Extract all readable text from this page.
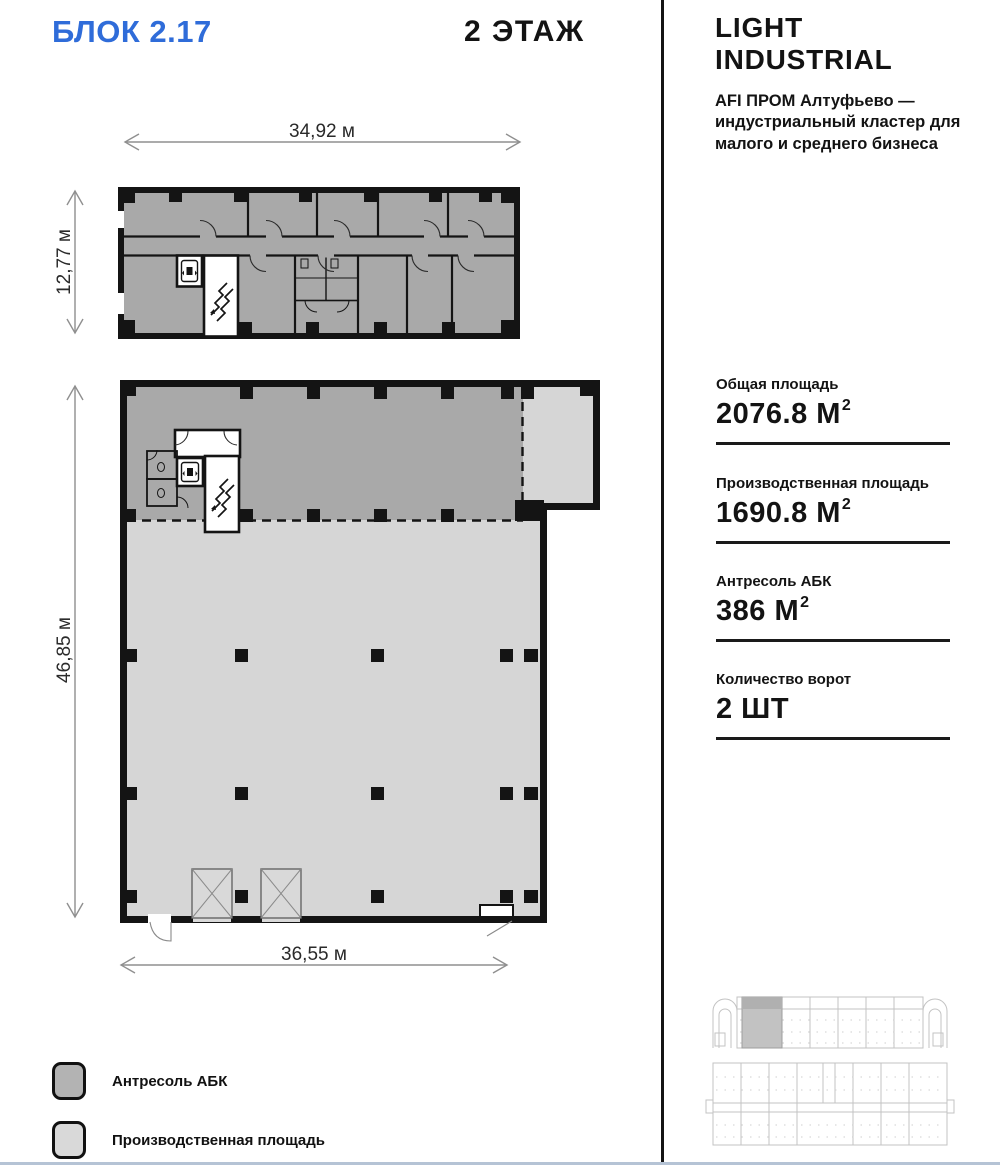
БЛОК 2.17	2 ЭТАЖ
34,92 м
12,77 м
46,85 м
36,55 м
LIGHT
INDUSTRIAL
AFI ПРОМ Алтуфьево — индустриальный кластер для малого и среднего бизнеса
Общая площадь
2076.8 $М^2$
Производственная площадь
1690.8 $М^2$
Антресоль АБК
386 $М^2$
Количество ворот
2 ШТ
Антресоль АБК
Производственная площадь
